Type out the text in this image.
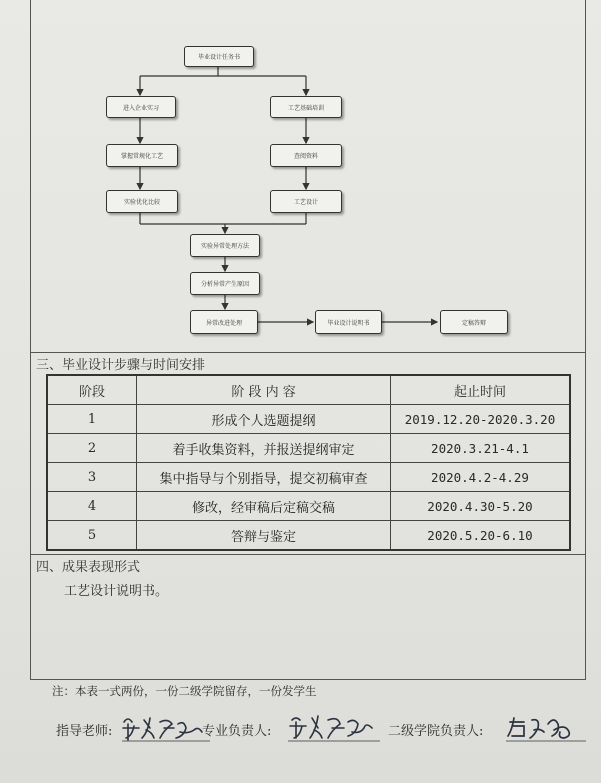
毕业设计任务书
进入企业实习	工艺基础培训
掌握常规化工艺	查阅资料
实验优化比较	工艺设计
实验异常处理方法
分析异常产生原因
异常改进处理	毕业设计说明书	定稿答辩
三、毕业设计步骤与时间安排
阶段	阶 段 内 容	起止时间
1	形成个人选题提纲	2019.12.20-2020.3.20
2	着手收集资料，并报送提纲审定	2020.3.21-4.1
3	集中指导与个别指导，提交初稿审查	2020.4.2-4.29
4	修改，经审稿后定稿交稿	2020.4.30-5.20
5	答辩与鉴定	2020.5.20-6.10
四、成果表现形式
工艺设计说明书。
注：本表一式两份，一份二级学院留存，一份发学生
指导老师:	专业负责人:	二级学院负责人:
